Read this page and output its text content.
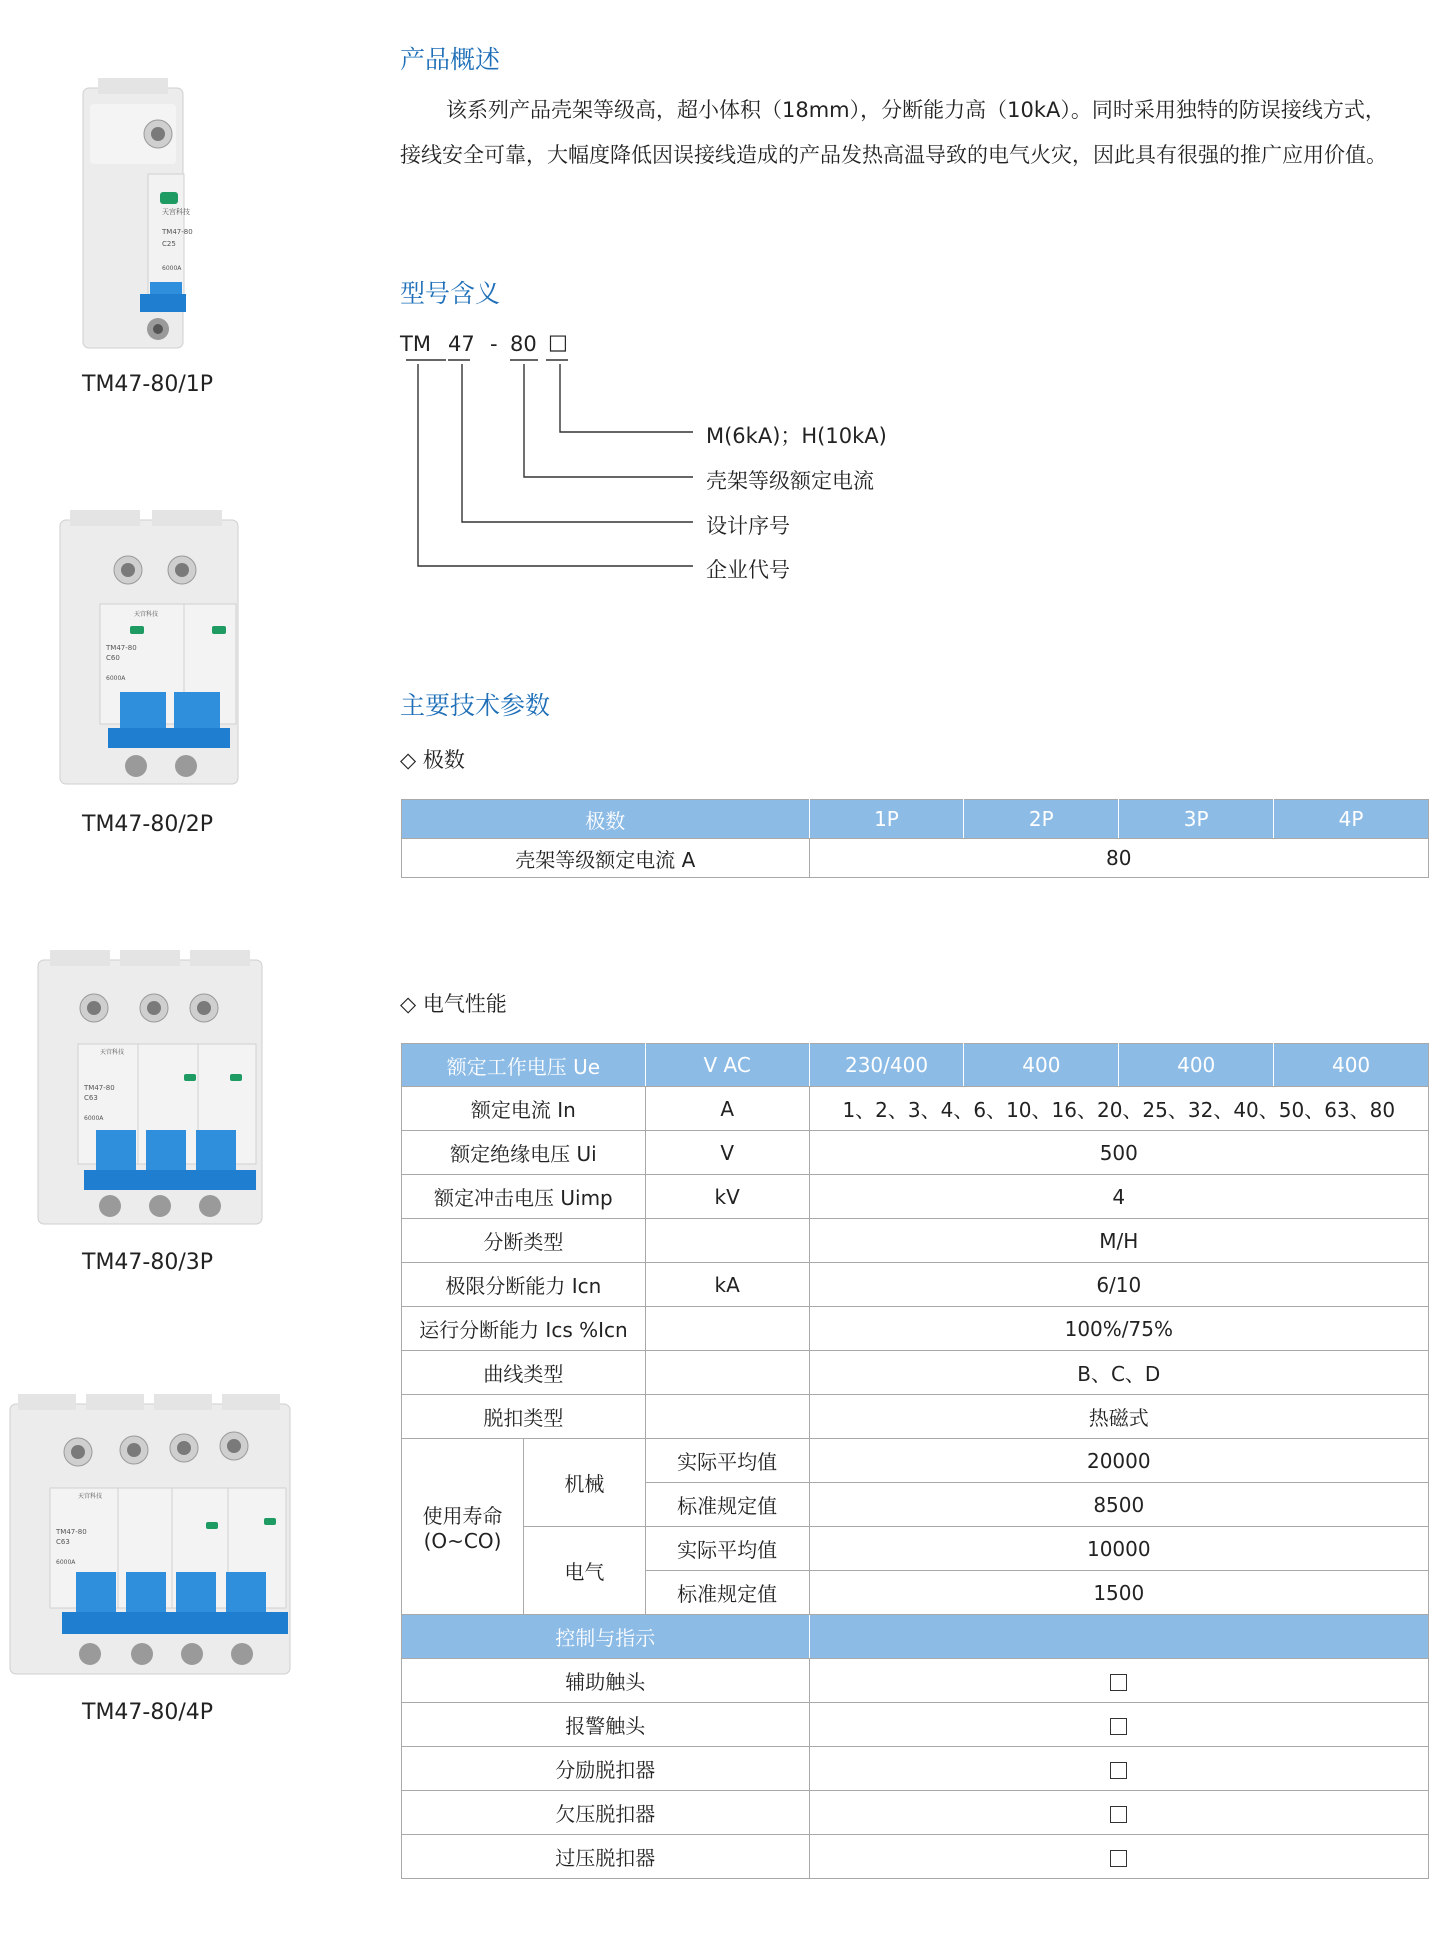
天宫科技
TM47-80
C25
6000A
TM47-80/1P
天宫科技
TM47-80
C60
6000A
TM47-80/2P
天宫科技
TM47-80
C63
6000A
TM47-80/3P
天宫科技
TM47-80
C63
6000A
TM47-80/4P
产品概述
该系列产品壳架等级高，超小体积（18mm），分断能力高（10kA）。同时采用独特的防误接线方式，
接线安全可靠，大幅度降低因误接线造成的产品发热高温导致的电气火灾，因此具有很强的推广应用价值。
型号含义
TM 47 - 80 □
M(6kA)；H(10kA)
壳架等级额定电流
设计序号
企业代号
主要技术参数
◇ 极数
极数	1P	2P	3P	4P
壳架等级额定电流 A	80			
◇ 电气性能
额定工作电压 Ue		V AC	230/400	400	400	400
额定电流 In		A	1、2、3、4、6、10、16、20、25、32、40、50、63、80			
额定绝缘电压 Ui		V	500			
额定冲击电压 Uimp		kV	4			
分断类型			M/H			
极限分断能力 Icn		kA	6/10			
运行分断能力 Ics %Icn			100%/75%			
曲线类型			B、C、D			
脱扣类型			热磁式			

使用寿命
(O~CO)	机械	实际平均值	20000			
		标准规定值	8500			
	电气	实际平均值	10000			
		标准规定值	1500			
控制与指示						
辅助触头						
报警触头						
分励脱扣器						
欠压脱扣器						
过压脱扣器						
